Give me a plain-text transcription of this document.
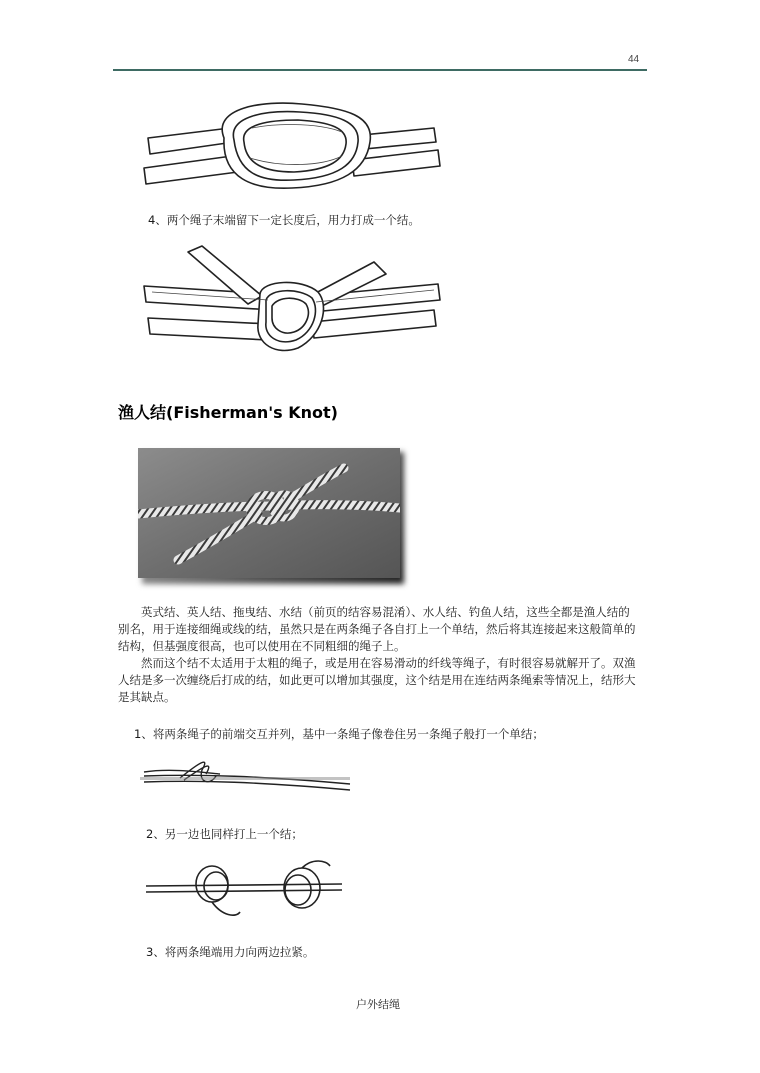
44
4、两个绳子末端留下一定长度后，用力打成一个结。
渔人结(Fisherman's Knot)

英式结、英人结、拖曳结、水结（前页的结容易混淆）、水人结、钓鱼人结，这些全都是渔人结的别名，用于连接细绳或线的结，虽然只是在两条绳子各自打上一个单结，然后将其连接起来这般简单的结构，但基强度很高，也可以使用在不同粗细的绳子上。

然而这个结不太适用于太粗的绳子，或是用在容易滑动的纤线等绳子，有时很容易就解开了。双渔人结是多一次缠绕后打成的结，如此更可以增加其强度，这个结是用在连结两条绳索等情况上，结形大是其缺点。

1、将两条绳子的前端交互并列，基中一条绳子像卷住另一条绳子般打一个单结；
2、另一边也同样打上一个结；
3、将两条绳端用力向两边拉紧。
户外结绳
